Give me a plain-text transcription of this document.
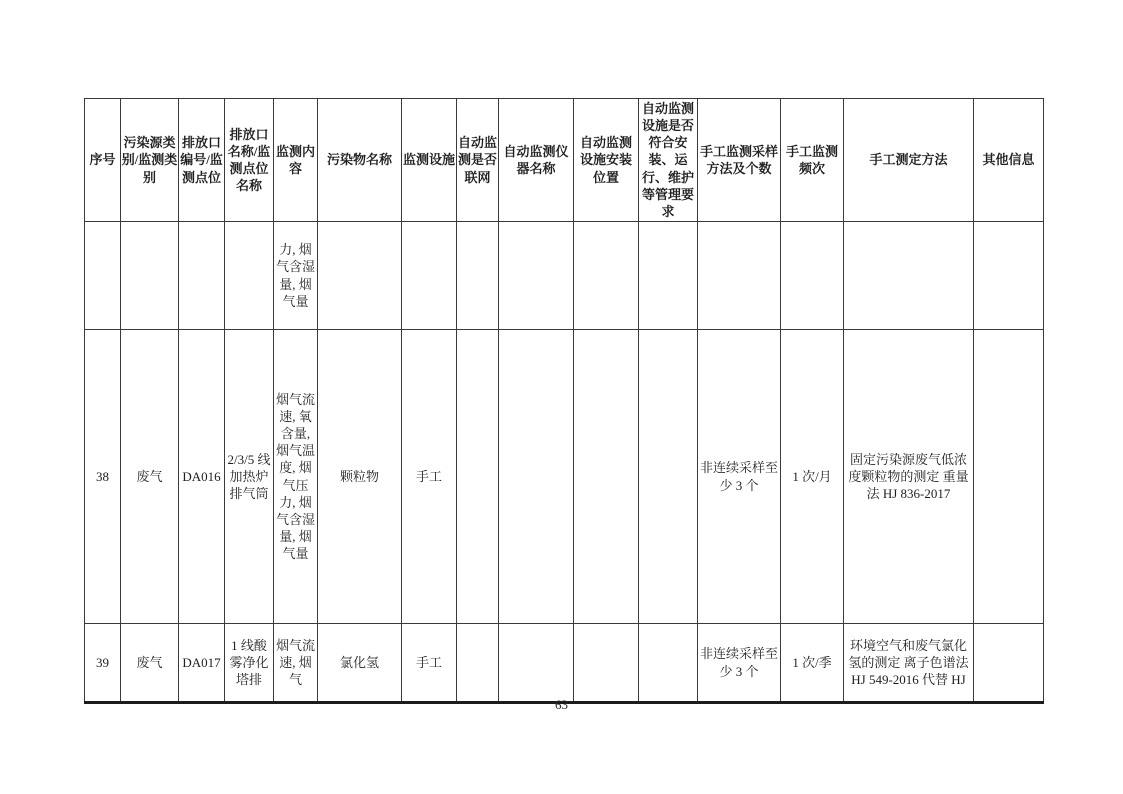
序号	污染源类别/监测类别	排放口编号/监测点位	排放口名称/监测点位名称	监测内容	污染物名称	监测设施	自动监测是否联网	自动监测仪器名称	自动监测设施安装位置	自动监测设施是否符合安装、运行、维护等管理要求	手工监测采样方法及个数	手工监测频次	手工测定方法	其他信息
				力, 烟气含湿量, 烟气量										
38	废气	DA016	2/3/5 线加热炉排气筒	烟气流速, 氧含量, 烟气温度, 烟气压力, 烟气含湿量, 烟气量	颗粒物	手工					非连续采样至少 3 个	1 次/月	固定污染源废气低浓度颗粒物的测定 重量法 HJ 836-2017	
39	废气	DA017	1 线酸雾净化塔排	烟气流速, 烟气	氯化氢	手工					非连续采样至少 3 个	1 次/季	环境空气和废气氯化氢的测定 离子色谱法 HJ 549-2016 代替 HJ	
63
